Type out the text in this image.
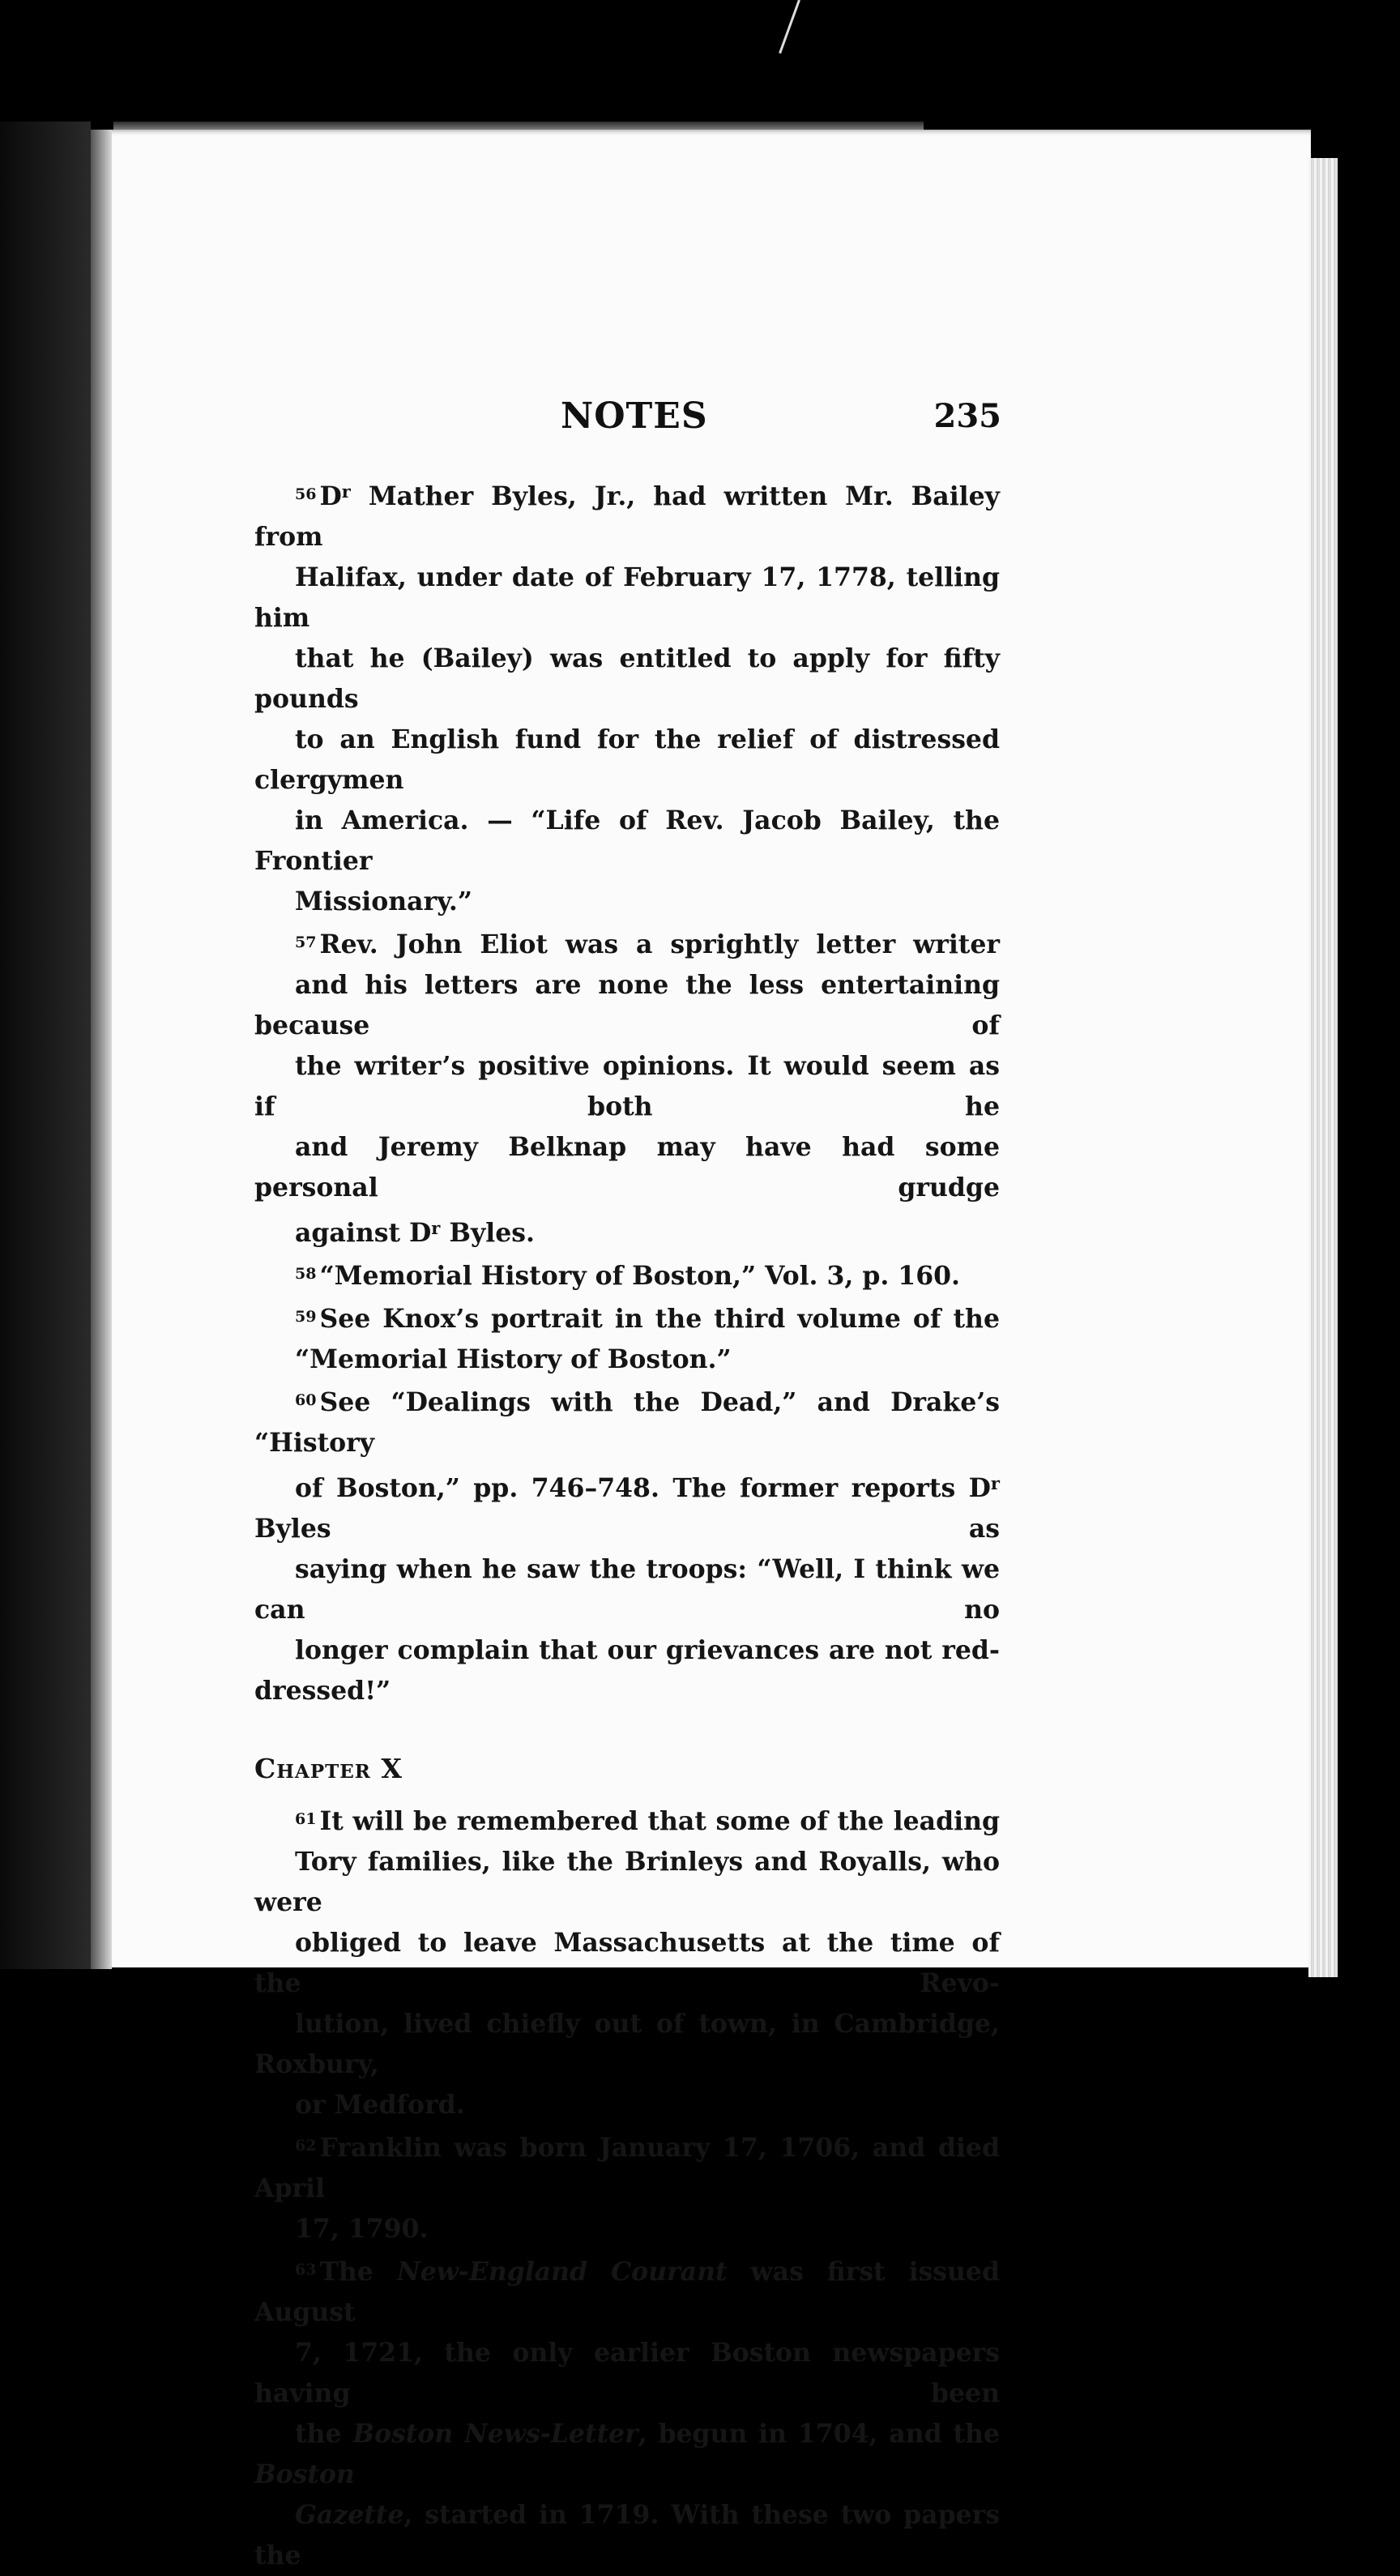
NOTES	235
$^{56}$ $D^r$ Mather Byles, Jr., had written Mr. Bailey from
Halifax, under date of February 17, 1778, telling him
that he (Bailey) was entitled to apply for fifty pounds
to an English fund for the relief of distressed clergymen
in America. — “Life of Rev. Jacob Bailey, the Frontier
Missionary.”
$^{57}$ Rev. John Eliot was a sprightly letter writer
and his letters are none the less entertaining because of
the writer’s positive opinions. It would seem as if both he
and Jeremy Belknap may have had some personal grudge
against $D^r$ Byles.
$^{58}$ “Memorial History of Boston,” Vol. 3, p. 160.
$^{59}$ See Knox’s portrait in the third volume of the
“Memorial History of Boston.”
$^{60}$ See “Dealings with the Dead,” and Drake’s “History
of Boston,” pp. 746–748. The former reports $D^r$ Byles as
saying when he saw the troops: “Well, I think we can no
longer complain that our grievances are not red-dressed!”
Chapter X
$^{61}$ It will be remembered that some of the leading
Tory families, like the Brinleys and Royalls, who were
obliged to leave Massachusetts at the time of the Revo-
lution, lived chiefly out of town, in Cambridge, Roxbury,
or Medford.
$^{62}$ Franklin was born January 17, 1706, and died April
17, 1790.
$^{63}$ The New-England Courant was first issued August
7, 1721, the only earlier Boston newspapers having been
the Boston News-Letter, begun in 1704, and the Boston
Gazette, started in 1719. With these two papers the
